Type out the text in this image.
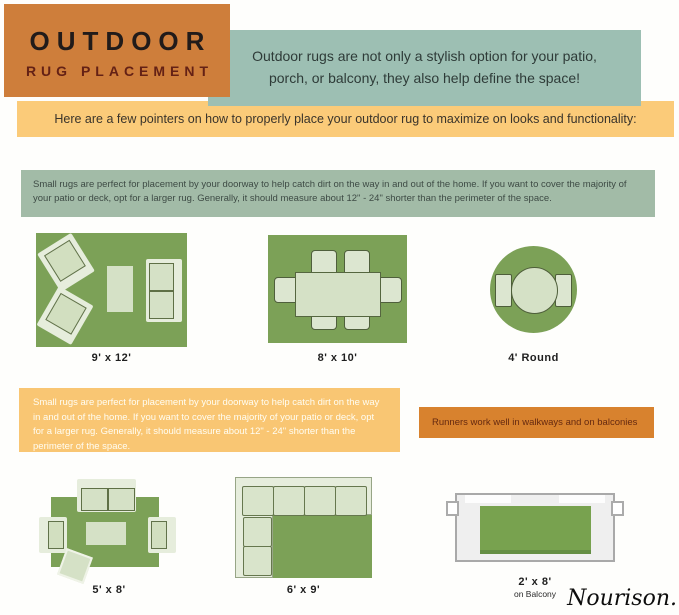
OUTDOOR
RUG PLACEMENT
Outdoor rugs are not only a stylish option for your patio, porch, or balcony, they also help define the space!
Here are a few pointers on how to properly place your outdoor rug to maximize on looks and functionality:
Small rugs are perfect for placement by your doorway to help catch dirt on the way in and out of the home. If you want to cover the majority of your patio or deck, opt for a larger rug. Generally, it should measure about 12" - 24" shorter than the perimeter of the space.
9' x 12'	8' x 10'	4' Round
Small rugs are perfect for placement by your doorway to help catch dirt on the way in and out of the home. If you want to cover the majority of your patio or deck, opt for a larger rug. Generally, it should measure about 12" - 24" shorter than the perimeter of the space.
Runners work well in walkways and on balconies
5' x 8'	6' x 9'
2' x 8'
on Balcony Nourison.
